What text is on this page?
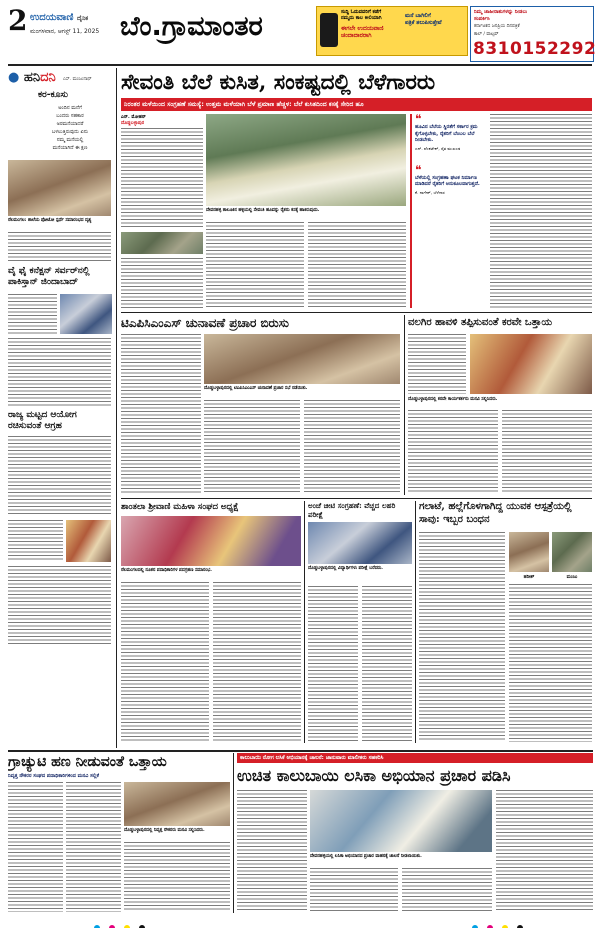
2 ಉದಯವಾಣಿ ದೈನಿಕ
ಮಂಗಳವಾರ, ಆಗಸ್ಟ್ 11, 2025 ಬೆಂ.ಗ್ರಾಮಾಂತರ	ಸುದ್ದಿ ಓದುವವರಿಗೆ ಕಡೆಗೆ
ನಮ್ಮದು ಕಾಲ ಕೀಲಿಯಾಗಿ
ಈಗಲೇ ಉದಯವಾಣಿ
ಚಂದಾದಾರರಾಗಿ
ಮನೆ ಬಾಗಿಲಿಗೆ
ಪತ್ರಿಕೆ ತಲುಪಿಸುತ್ತೇವೆ
ನಿಮ್ಮ ಜಾಹೀರಾತುಗಳನ್ನು ನೀಡಲು
ಸಂಪರ್ಕಿಸಿ
ಕರ್ನಾಟಕದ ಜನಪ್ರಿಯ ದಿನಪತ್ರಿಕೆ
ಕಾಲ್ / ವಾಟ್ಸಪ್
8310152292
● ಹನಿದನಿ ಎಸ್. ಮಂಜುನಾಥ್
ಕರ-ಕೂಸು
ಅಂದಿನ ಮನೆಗೆ
ಬಂದರು ಸಹಕಾರ
ಅರಮನೆಯಾದರೆ
ಬಳಲುತ್ತಿರುವುದು ಏನು
ನಮ್ಮ ಮನೆಯಲ್ಲಿ
ಮನೆಯಾಗಿದೆ ಈ ಕ್ಷಣ
ನೆಲಮಂಗಲ: ಶಾಲೆಯ ಫೋಟೋ ಸ್ಪರ್ಧೆ ಸಮಾರಂಭದ ದೃಶ್ಯ
ವೈ ಫೈ ಕನೆಕ್ಷನ್ ಸರ್ವರ್‌ನಲ್ಲಿ ಪಾಕಿಸ್ತಾನ್ ಜಿಂದಾಬಾದ್
ರಾಜ್ಯ ಮಟ್ಟದ ಆಯೋಗ ರಚಿಸುವಂತೆ ಆಗ್ರಹ
ಸೇವಂತಿ ಬೆಲೆ ಕುಸಿತ, ಸಂಕಷ್ಟದಲ್ಲಿ ಬೆಳೆಗಾರರು
ನಿರಂತರ ಮಳೆಯಿಂದ ಸಂಗ್ರಹಣೆ ಸಮಸ್ಯೆ: ಉತ್ತಮ ಮಳೆಯಾಗಿ ಬೆಳೆ ಪ್ರಮಾಣ ಹೆಚ್ಚಳ: ಬೆಲೆ ಕುಸಿತದಿಂದ ಕಸಕ್ಕೆ ಸೇರಿದ ಹೂ
ಎನ್. ಮೋಹನ್
ದೊಡ್ಡಬಳ್ಳಾಪುರ
ದೇವನಹಳ್ಳಿ ತಾಲೂಕಿನ ಹಳ್ಳಿಯಲ್ಲಿ ಸೇವಂತಿ ಹೂವನ್ನು ರೈತರು ಕಸಕ್ಕೆ ಹಾಕಿರುವುದು.
❝
ಹೂವಿನ ಬೆಲೆಯ ಸ್ಥಿರತೆಗೆ ಸರ್ಕಾರ ಕ್ರಮ ಕೈಗೊಳ್ಳಬೇಕು, ರೈತರಿಗೆ ಬೆಂಬಲ ಬೆಲೆ ನೀಡಬೇಕು.
ಎನ್. ವೆಂಕಟೇಶ್, ರೈತ ಮುಖಂಡ
❝
ಬೆಳೆಯಲ್ಲಿ ಸಂಗ್ರಹಣಾ ಘಟಕ ನಿರ್ಮಾಣ ಮಾಡಿದರೆ ರೈತರಿಗೆ ಅನುಕೂಲವಾಗುತ್ತದೆ.
ಕೆ. ನಾಗೇಶ್, ಬೆಳೆಗಾರ
ಟಿಎಪಿಸಿಎಂಎಸ್ ಚುನಾವಣೆ ಪ್ರಚಾರ ಬಿರುಸು
ದೊಡ್ಡಬಳ್ಳಾಪುರದಲ್ಲಿ ಟಿಎಪಿಸಿಎಂಎಸ್ ಚುನಾವಣೆ ಪ್ರಚಾರ ಸಭೆ ನಡೆಯಿತು.
ವಲಗಿರ ಹಾವಳಿ ತಪ್ಪಿಸುವಂತೆ ಕರವೇ ಒತ್ತಾಯ
ದೊಡ್ಡಬಳ್ಳಾಪುರದಲ್ಲಿ ಕರವೇ ಕಾರ್ಯಕರ್ತರು ಮನವಿ ಸಲ್ಲಿಸಿದರು.
ಶಾಂತಲಾ ಶ್ರೀವಾಣಿ ಮಹಿಳಾ ಸಂಘದ ಅಧ್ಯಕ್ಷೆ
ನೆಲಮಂಗಲದಲ್ಲಿ ನೂತನ ಪದಾಧಿಕಾರಿಗಳ ಪದಗ್ರಹಣ ಸಮಾರಂಭ.
ಅಂಚೆ ಚೀಟಿ ಸಂಗ್ರಹಣೆ: ವೆಚ್ಚದ ಲಹರಿ ಪರೀಕ್ಷೆ
ದೊಡ್ಡಬಳ್ಳಾಪುರದಲ್ಲಿ ವಿದ್ಯಾರ್ಥಿಗಳು ಪರೀಕ್ಷೆ ಬರೆದರು.
ಗಲಾಟೆ, ಹಲ್ಲೆಗೊಳಗಾಗಿದ್ದ ಯುವಕ ಆಸ್ಪತ್ರೆಯಲ್ಲಿ ಸಾವು: ಇಬ್ಬರ ಬಂಧನ
ಹರೀಶ್	ಮಂಜು
ಗ್ರಾಚ್ಯುಟಿ ಹಣ ನೀಡುವಂತೆ ಒತ್ತಾಯ
ನಿವೃತ್ತ ನೌಕರರ ಸಂಘದ ಪದಾಧಿಕಾರಿಗಳಿಂದ ಮನವಿ ಸಲ್ಲಿಕೆ
ದೊಡ್ಡಬಳ್ಳಾಪುರದಲ್ಲಿ ನಿವೃತ್ತ ನೌಕರರು ಮನವಿ ಸಲ್ಲಿಸಿದರು.
ಕಾಲುಬಾಯಿ ರೋಗ ಲಸಿಕೆ ಅಭಿಯಾನಕ್ಕೆ ಚಾಲನೆ: ಜಾನುವಾರು ಮಾಲೀಕರು ಸಹಕರಿಸಿ
ಉಚಿತ ಕಾಲುಬಾಯಿ ಲಸಿಕಾ ಅಭಿಯಾನ ಪ್ರಚಾರ ಪಡಿಸಿ
ದೇವನಹಳ್ಳಿಯಲ್ಲಿ ಲಸಿಕಾ ಅಭಿಯಾನದ ಪ್ರಚಾರ ವಾಹನಕ್ಕೆ ಚಾಲನೆ ನೀಡಲಾಯಿತು.
